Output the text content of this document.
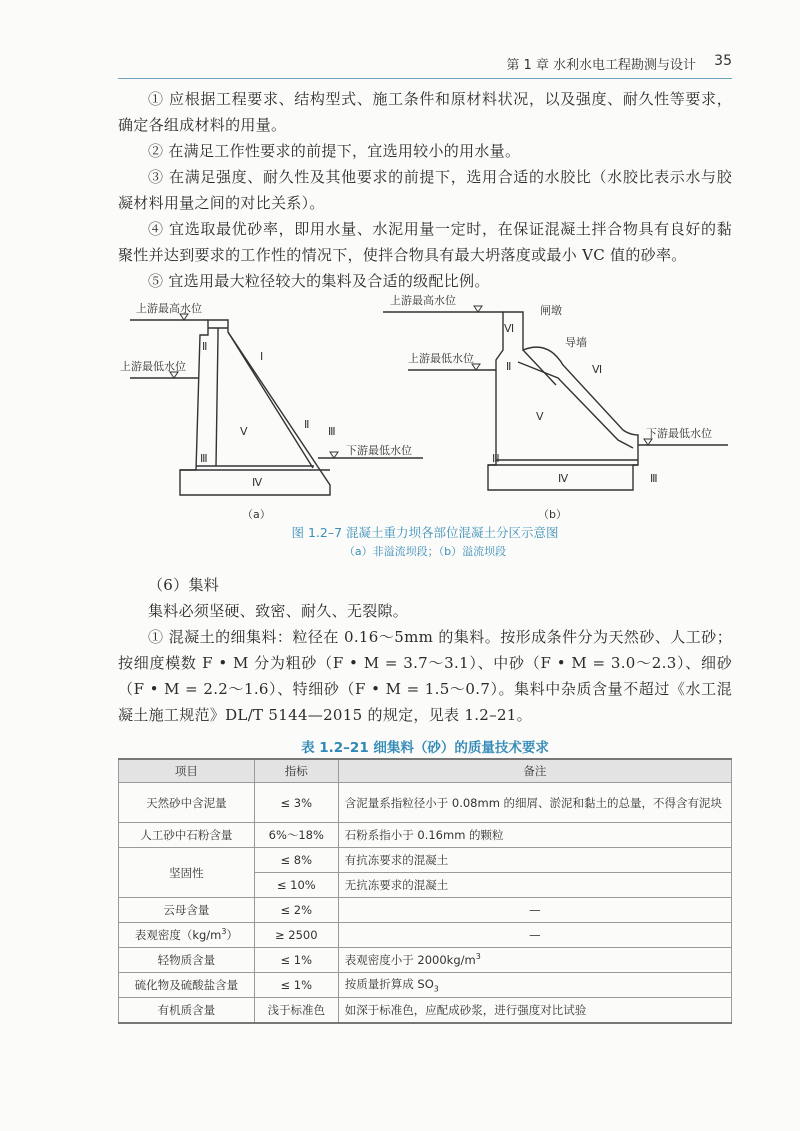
第 1 章 水利水电工程勘测与设计 35

① 应根据工程要求、结构型式、施工条件和原材料状况，以及强度、耐久性等要求，确定各组成材料的用量。

② 在满足工作性要求的前提下，宜选用较小的用水量。

③ 在满足强度、耐久性及其他要求的前提下，选用合适的水胶比（水胶比表示水与胶凝材料用量之间的对比关系）。

④ 宜选取最优砂率，即用水量、水泥用量一定时，在保证混凝土拌合物具有良好的黏聚性并达到要求的工作性的情况下，使拌合物具有最大坍落度或最小 VC 值的砂率。

⑤ 宜选用最大粒径较大的集料及合适的级配比例。

上游最高水位
上游最低水位
下游最低水位
Ⅰ
Ⅱ
Ⅲ
Ⅳ
Ⅴ
Ⅱ
Ⅲ
（a）
上游最高水位
上游最低水位
下游最低水位
闸墩
导墙
Ⅵ
Ⅱ
Ⅴ
Ⅵ
Ⅲ
Ⅳ	Ⅲ
（b）
图 1.2–7 混凝土重力坝各部位混凝土分区示意图
（a）非溢流坝段；（b）溢流坝段

（6）集料

集料必须坚硬、致密、耐久、无裂隙。

① 混凝土的细集料：粒径在 0.16～5mm 的集料。按形成条件分为天然砂、人工砂；按细度模数 F • M 分为粗砂（F • M = 3.7～3.1）、中砂（F • M = 3.0～2.3）、细砂（F • M = 2.2～1.6）、特细砂（F • M = 1.5～0.7）。集料中杂质含量不超过《水工混凝土施工规范》DL/T 5144—2015 的规定，见表 1.2–21。

表 1.2–21 细集料（砂）的质量技术要求
项目	指标	备注
天然砂中含泥量	≤ 3%	含泥量系指粒径小于 0.08mm 的细屑、淤泥和黏土的总量，不得含有泥块
人工砂中石粉含量	6%～18%	石粉系指小于 0.16mm 的颗粒
坚固性	≤ 8%	有抗冻要求的混凝土
	≤ 10%	无抗冻要求的混凝土
云母含量	≤ 2%	—
表观密度$(kg/m^3)$	≥ 2500	—
轻物质含量	≤ 1%	表观密度小于 $2000kg/m^3$
硫化物及硫酸盐含量	≤ 1%	按质量折算成 $SO_3$
有机质含量	浅于标准色	如深于标准色，应配成砂浆，进行强度对比试验
